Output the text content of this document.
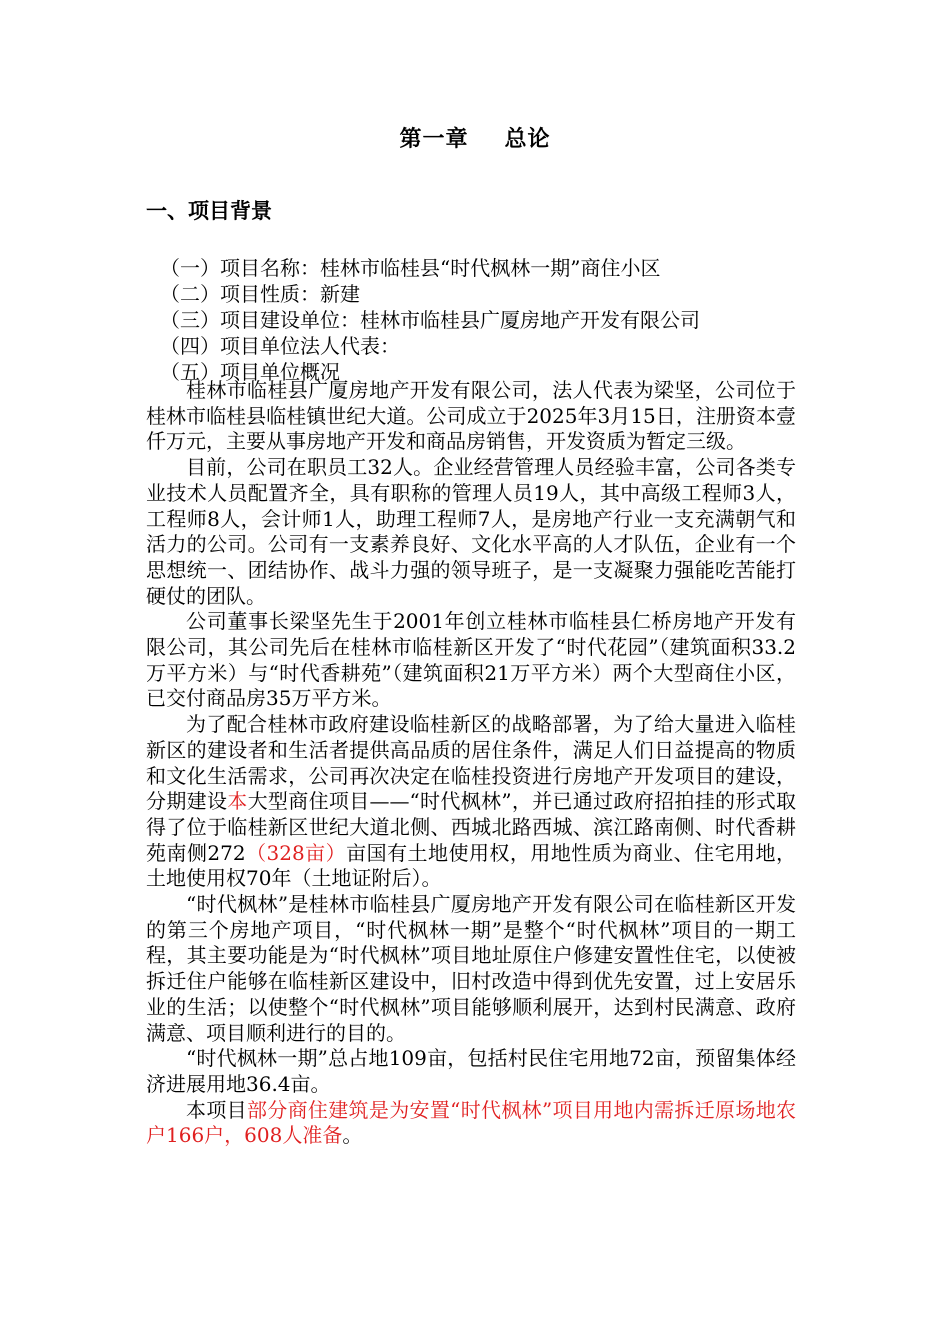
第一章 总论
一、项目背景
（一）项目名称：桂林市临桂县“时代枫林一期”商住小区
（二）项目性质：新建
（三）项目建设单位：桂林市临桂县广厦房地产开发有限公司
（四）项目单位法人代表：
（五）项目单位概况

桂林市临桂县广厦房地产开发有限公司，法人代表为梁坚，公司位于桂林市临桂县临桂镇世纪大道。公司成立于2025年3月15日，注册资本壹仟万元，主要从事房地产开发和商品房销售，开发资质为暂定三级。

目前，公司在职员工32人。企业经营管理人员经验丰富，公司各类专业技术人员配置齐全，具有职称的管理人员19人，其中高级工程师3人，工程师8人，会计师1人，助理工程师7人，是房地产行业一支充满朝气和活力的公司。公司有一支素养良好、文化水平高的人才队伍，企业有一个思想统一、团结协作、战斗力强的领导班子，是一支凝聚力强能吃苦能打硬仗的团队。

公司董事长梁坚先生于2001年创立桂林市临桂县仁桥房地产开发有限公司，其公司先后在桂林市临桂新区开发了“时代花园”（建筑面积33.2万平方米）与“时代香耕苑”（建筑面积21万平方米）两个大型商住小区，已交付商品房35万平方米。

为了配合桂林市政府建设临桂新区的战略部署，为了给大量进入临桂新区的建设者和生活者提供高品质的居住条件，满足人们日益提高的物质和文化生活需求，公司再次决定在临桂投资进行房地产开发项目的建设，分期建设本大型商住项目——“时代枫林”，并已通过政府招拍挂的形式取得了位于临桂新区世纪大道北侧、西城北路西城、滨江路南侧、时代香耕苑南侧272（328亩）亩国有土地使用权，用地性质为商业、住宅用地，土地使用权70年（土地证附后）。

“时代枫林”是桂林市临桂县广厦房地产开发有限公司在临桂新区开发的第三个房地产项目，“时代枫林一期”是整个“时代枫林”项目的一期工程，其主要功能是为“时代枫林”项目地址原住户修建安置性住宅，以使被拆迁住户能够在临桂新区建设中，旧村改造中得到优先安置，过上安居乐业的生活；以使整个“时代枫林”项目能够顺利展开，达到村民满意、政府满意、项目顺利进行的目的。

“时代枫林一期”总占地109亩，包括村民住宅用地72亩，预留集体经济进展用地36.4亩。

本项目部分商住建筑是为安置“时代枫林”项目用地内需拆迁原场地农户166户，608人准备。
